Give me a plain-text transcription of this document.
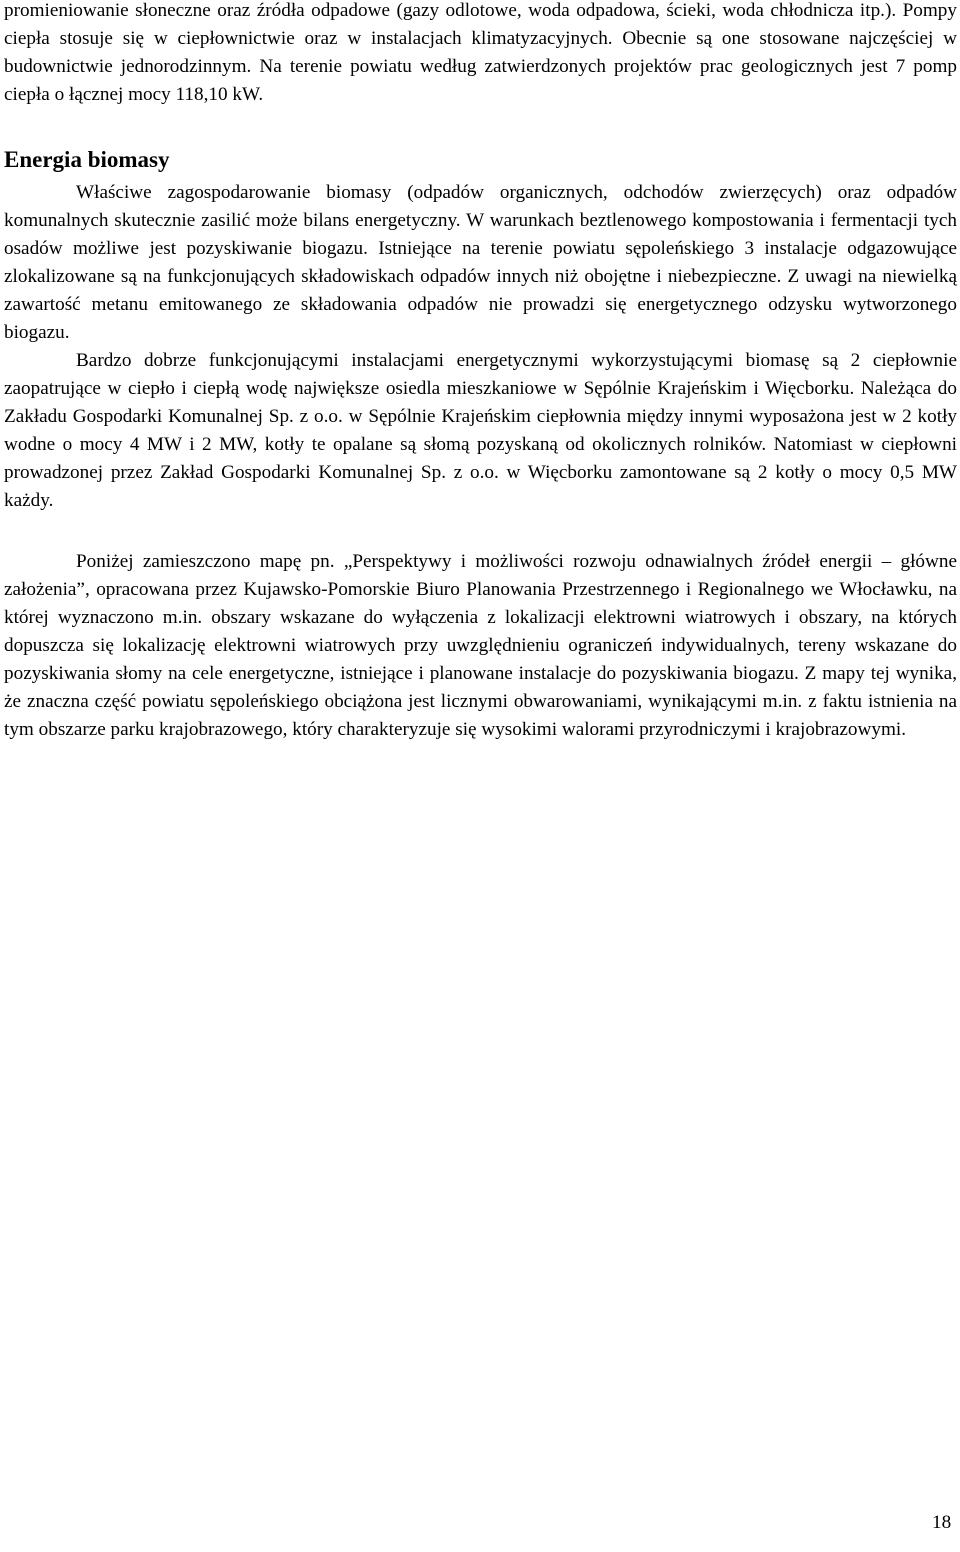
promieniowanie słoneczne oraz źródła odpadowe (gazy odlotowe, woda odpadowa, ścieki, woda chłodnicza itp.). Pompy ciepła stosuje się w ciepłownictwie oraz w instalacjach klimatyzacyjnych. Obecnie są one stosowane najczęściej w budownictwie jednorodzinnym. Na terenie powiatu według zatwierdzonych projektów prac geologicznych jest 7 pomp ciepła o łącznej mocy 118,10 kW.

Energia biomasy

Właściwe zagospodarowanie biomasy (odpadów organicznych, odchodów zwierzęcych) oraz odpadów komunalnych skutecznie zasilić może bilans energetyczny. W warunkach beztlenowego kompostowania i fermentacji tych osadów możliwe jest pozyskiwanie biogazu. Istniejące na terenie powiatu sępoleńskiego 3 instalacje odgazowujące zlokalizowane są na funkcjonujących składowiskach odpadów innych niż obojętne i niebezpieczne. Z uwagi na niewielką zawartość metanu emitowanego ze składowania odpadów nie prowadzi się energetycznego odzysku wytworzonego biogazu.

Bardzo dobrze funkcjonującymi instalacjami energetycznymi wykorzystującymi biomasę są 2 ciepłownie zaopatrujące w ciepło i ciepłą wodę największe osiedla mieszkaniowe w Sępólnie Krajeńskim i Więcborku. Należąca do Zakładu Gospodarki Komunalnej Sp. z o.o. w Sępólnie Krajeńskim ciepłownia między innymi wyposażona jest w 2 kotły wodne o mocy 4 MW i 2 MW, kotły te opalane są słomą pozyskaną od okolicznych rolników. Natomiast w ciepłowni prowadzonej przez Zakład Gospodarki Komunalnej Sp. z o.o. w Więcborku zamontowane są 2 kotły o mocy 0,5 MW każdy.

Poniżej zamieszczono mapę pn. „Perspektywy i możliwości rozwoju odnawialnych źródeł energii – główne założenia”, opracowana przez Kujawsko-Pomorskie Biuro Planowania Przestrzennego i Regionalnego we Włocławku, na której wyznaczono m.in. obszary wskazane do wyłączenia z lokalizacji elektrowni wiatrowych i obszary, na których dopuszcza się lokalizację elektrowni wiatrowych przy uwzględnieniu ograniczeń indywidualnych, tereny wskazane do pozyskiwania słomy na cele energetyczne, istniejące i planowane instalacje do pozyskiwania biogazu. Z mapy tej wynika, że znaczna część powiatu sępoleńskiego obciążona jest licznymi obwarowaniami, wynikającymi m.in. z faktu istnienia na tym obszarze parku krajobrazowego, który charakteryzuje się wysokimi walorami przyrodniczymi i krajobrazowymi.

18
